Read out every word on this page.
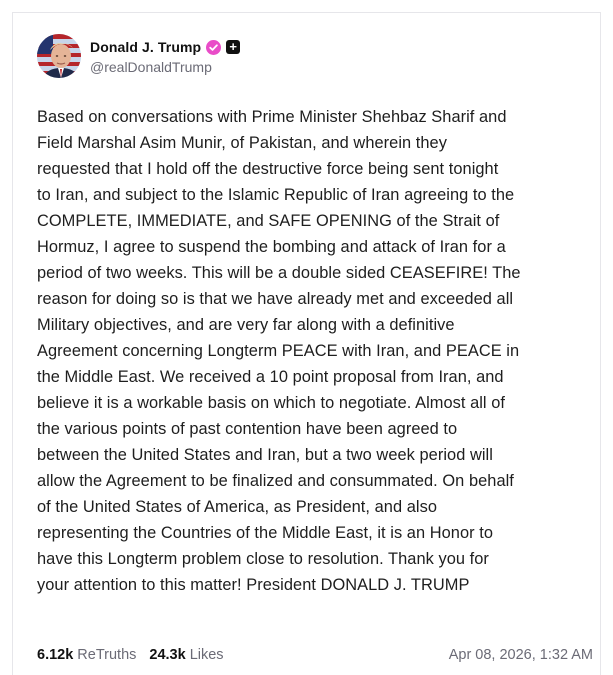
Donald J. Trump +
@realDonaldTrump
Based on conversations with Prime Minister Shehbaz Sharif and
Field Marshal Asim Munir, of Pakistan, and wherein they
requested that I hold off the destructive force being sent tonight
to Iran, and subject to the Islamic Republic of Iran agreeing to the
COMPLETE, IMMEDIATE, and SAFE OPENING of the Strait of
Hormuz, I agree to suspend the bombing and attack of Iran for a
period of two weeks. This will be a double sided CEASEFIRE! The
reason for doing so is that we have already met and exceeded all
Military objectives, and are very far along with a definitive
Agreement concerning Longterm PEACE with Iran, and PEACE in
the Middle East. We received a 10 point proposal from Iran, and
believe it is a workable basis on which to negotiate. Almost all of
the various points of past contention have been agreed to
between the United States and Iran, but a two week period will
allow the Agreement to be finalized and consummated. On behalf
of the United States of America, as President, and also
representing the Countries of the Middle East, it is an Honor to
have this Longterm problem close to resolution. Thank you for
your attention to this matter! President DONALD J. TRUMP
6.12k ReTruths 24.3k Likes	Apr 08, 2026, 1:32 AM
